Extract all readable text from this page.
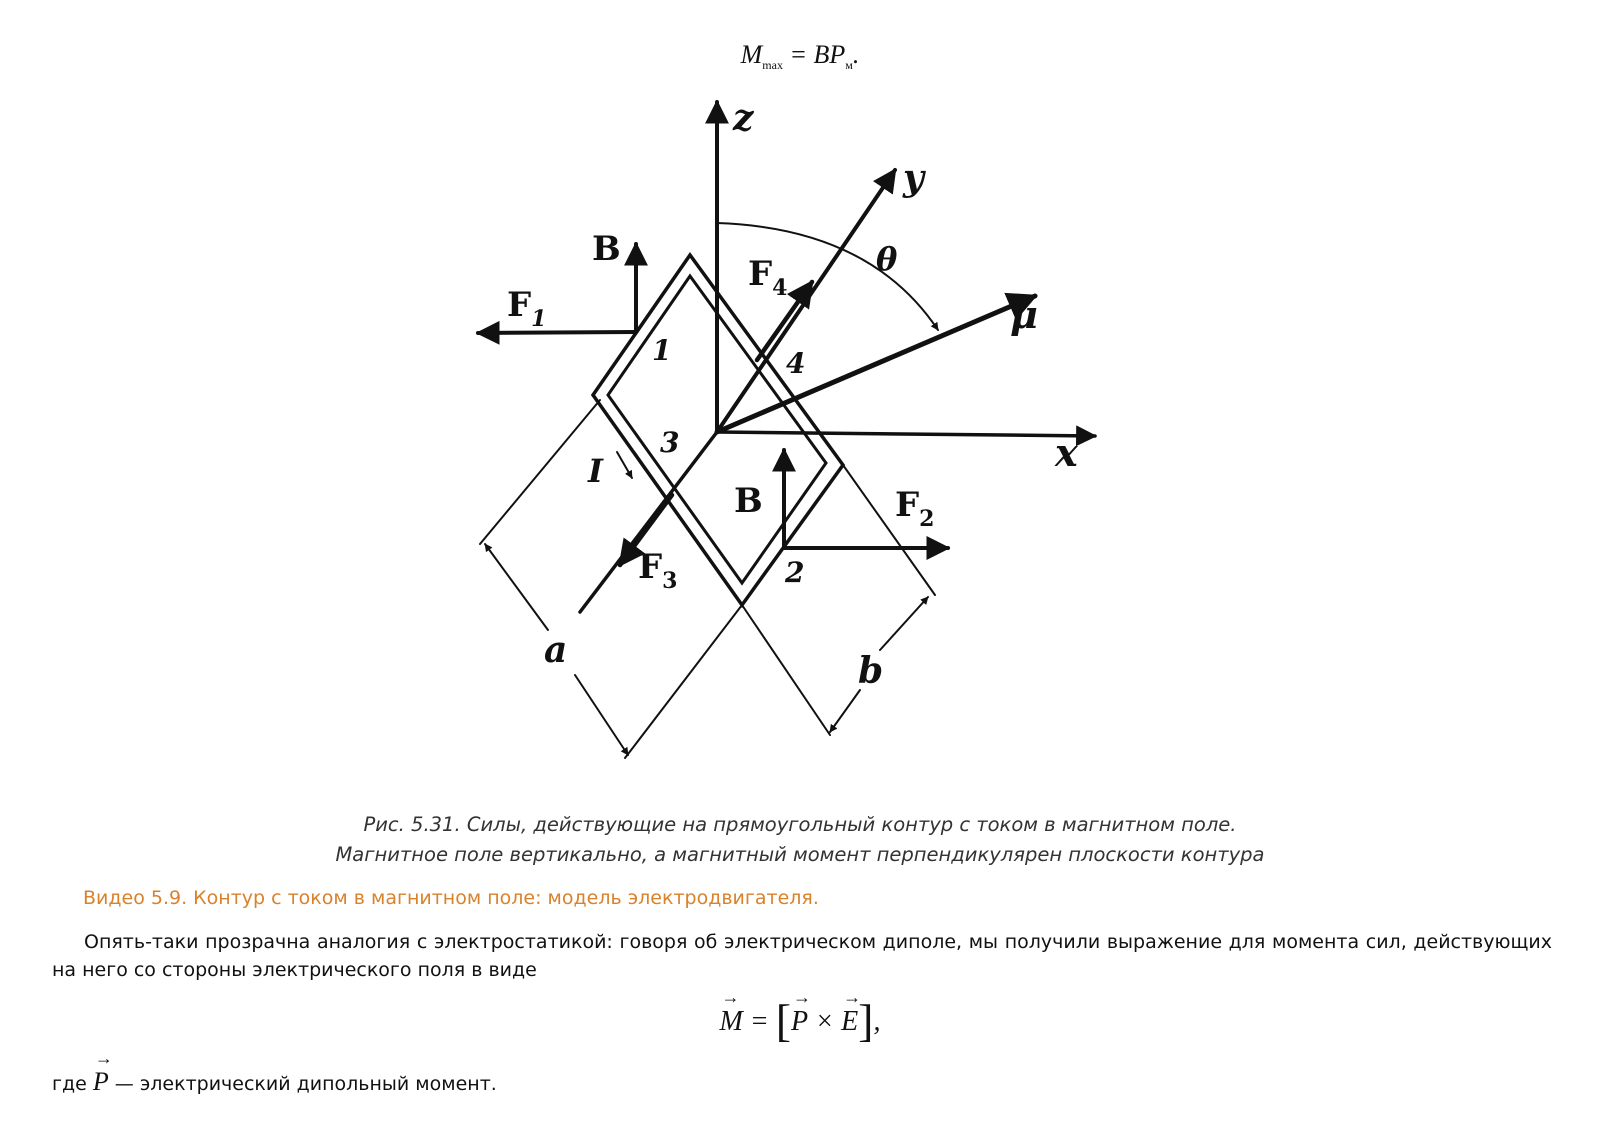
$M_{max} = BP_м$.
z
y
x
μ
θ
B
B
$F_1$
$F_2$
$F_3$
$F_4$
1
2
3
4
I
a	b
Рис. 5.31. Силы, действующие на прямоугольный контур с током в магнитном поле.
Магнитное поле вертикально, а магнитный момент перпендикулярен плоскости контура
Видео 5.9. Контур с током в магнитном поле: модель электродвигателя.
Опять-таки прозрачна аналогия с электростатикой: говоря об электрическом диполе, мы получили выражение для момента сил, действующих на него со стороны электрического поля в виде
→ M = [→ P × → E],
где → P — электрический дипольный момент.
